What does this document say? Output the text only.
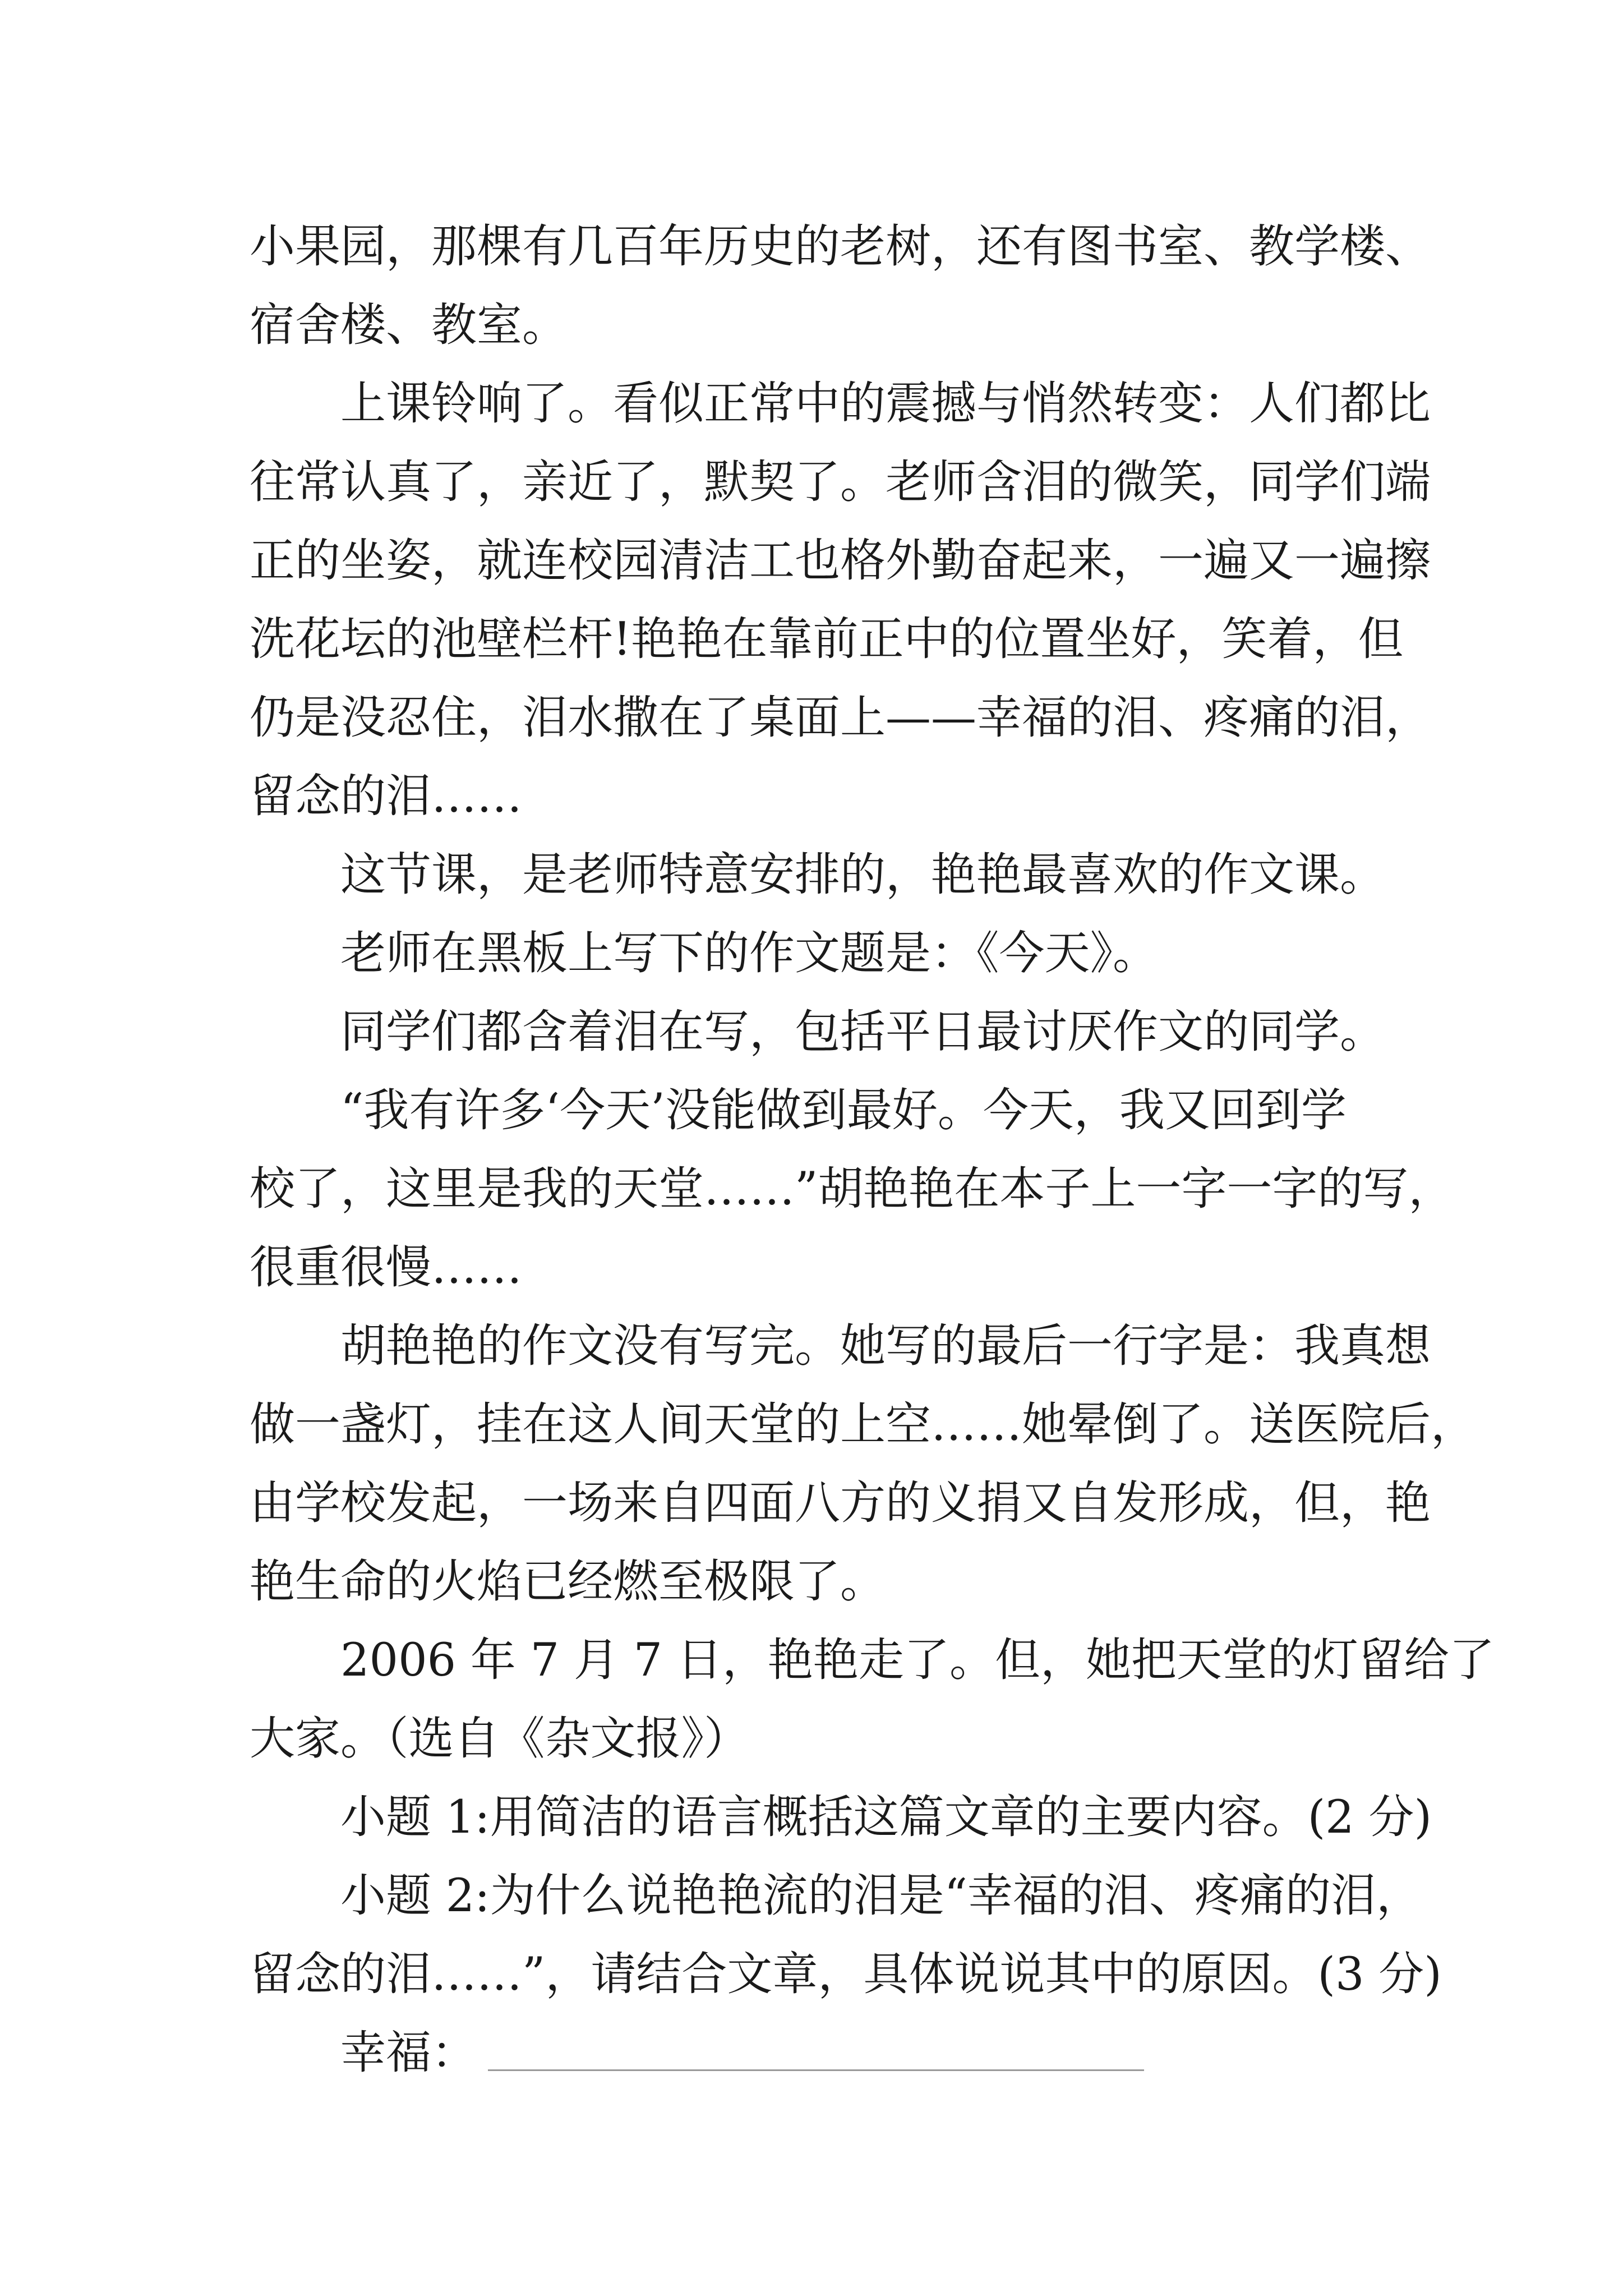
小果园，那棵有几百年历史的老树，还有图书室、教学楼、
宿舍楼、教室。
上课铃响了。看似正常中的震撼与悄然转变：人们都比
往常认真了，亲近了，默契了。老师含泪的微笑，同学们端
正的坐姿，就连校园清洁工也格外勤奋起来，一遍又一遍擦
洗花坛的池壁栏杆!艳艳在靠前正中的位置坐好，笑着，但
仍是没忍住，泪水撒在了桌面上——幸福的泪、疼痛的泪，
留念的泪……
这节课，是老师特意安排的，艳艳最喜欢的作文课。
老师在黑板上写下的作文题是：《今天》。
同学们都含着泪在写，包括平日最讨厌作文的同学。
“我有许多‘今天’没能做到最好。今天，我又回到学
校了，这里是我的天堂……”胡艳艳在本子上一字一字的写，
很重很慢……
胡艳艳的作文没有写完。她写的最后一行字是：我真想
做一盏灯，挂在这人间天堂的上空……她晕倒了。送医院后，
由学校发起，一场来自四面八方的义捐又自发形成，但，艳
艳生命的火焰已经燃至极限了。
2006 年 7 月 7 日，艳艳走了。但，她把天堂的灯留给了
大家。（选自《杂文报》）
小题 1:用简洁的语言概括这篇文章的主要内容。(2 分)
小题 2:为什么说艳艳流的泪是“幸福的泪、疼痛的泪，
留念的泪……”，请结合文章，具体说说其中的原因。(3 分)
幸福：
